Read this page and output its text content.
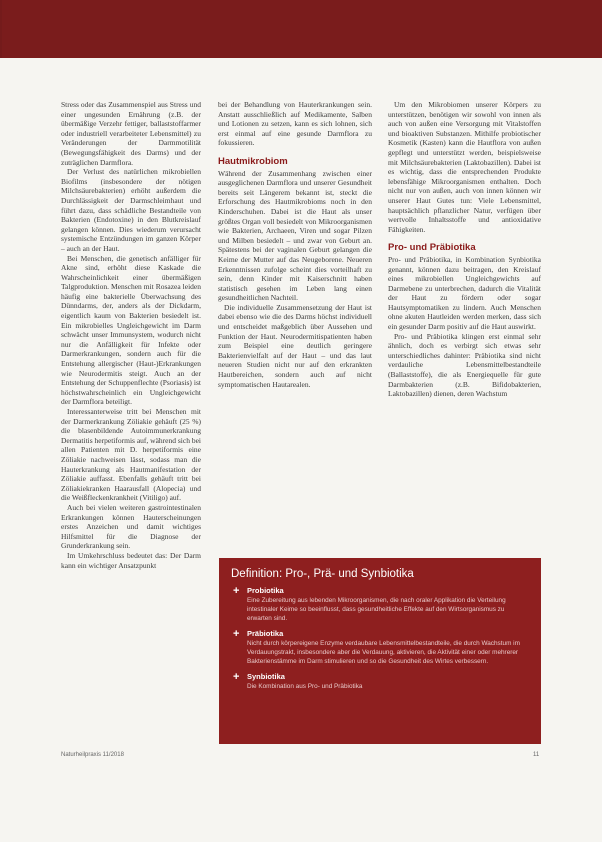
Stress oder das Zusammenspiel aus Stress und einer ungesunden Ernährung (z.B. der übermäßige Verzehr fettiger, ballaststoffarmer oder industriell verarbeiteter Lebensmittel) zu Veränderungen der Darmmotilität (Bewegungsfähigkeit des Darms) und der zuträglichen Darmflora.

Der Verlust des natürlichen mikrobiellen Biofilms (insbesondere der nötigen Milchsäurebakterien) erhöht außerdem die Durchlässigkeit der Darmschleimhaut und führt dazu, dass schädliche Bestandteile von Bakterien (Endotoxine) in den Blutkreislauf gelangen können. Dies wiederum verursacht systemische Entzündungen im ganzen Körper – auch an der Haut.

Bei Menschen, die genetisch anfälliger für Akne sind, erhöht diese Kaskade die Wahrscheinlichkeit einer übermäßigen Talgproduktion. Menschen mit Rosazea leiden häufig eine bakterielle Überwachsung des Dünndarms, der, anders als der Dickdarm, eigentlich kaum von Bakterien besiedelt ist. Ein mikrobielles Ungleichgewicht im Darm schwächt unser Immunsystem, wodurch nicht nur die Anfälligkeit für Infekte oder Darmerkrankungen, sondern auch für die Entstehung allergischer (Haut-)Erkrankungen wie Neurodermitis steigt. Auch an der Entstehung der Schuppenflechte (Psoriasis) ist höchstwahrscheinlich ein Ungleichgewicht der Darmflora beteiligt.

Interessanterweise tritt bei Menschen mit der Darmerkrankung Zöliakie gehäuft (25 %) die blasenbildende Autoimmunerkrankung Dermatitis herpetiformis auf, während sich bei allen Patienten mit D. herpetiformis eine Zöliakie nachweisen lässt, sodass man die Hauterkrankung als Hautmanifestation der Zöliakie auffasst. Ebenfalls gehäuft tritt bei Zöliakiekranken Haarausfall (Alopecia) und die Weißfleckenkrankheit (Vitiligo) auf.

Auch bei vielen weiteren gastrointestinalen Erkrankungen können Hauterscheinungen erstes Anzeichen und damit wichtiges Hilfsmittel für die Diagnose der Grunderkrankung sein.

Im Umkehrschluss bedeutet das: Der Darm kann ein wichtiger Ansatzpunkt

bei der Behandlung von Hauterkrankungen sein. Anstatt ausschließlich auf Medikamente, Salben und Lotionen zu setzen, kann es sich lohnen, sich erst einmal auf eine gesunde Darmflora zu fokussieren.

Hautmikrobiom

Während der Zusammenhang zwischen einer ausgeglichenen Darmflora und unserer Gesundheit bereits seit Längerem bekannt ist, steckt die Erforschung des Hautmikrobioms noch in den Kinderschuhen. Dabei ist die Haut als unser größtes Organ voll besiedelt von Mikroorganismen wie Bakterien, Archaeen, Viren und sogar Pilzen und Milben besiedelt – und zwar von Geburt an. Spätestens bei der vaginalen Geburt gelangen die Keime der Mutter auf das Neugeborene. Neueren Erkenntnissen zufolge scheint dies vorteilhaft zu sein, denn Kinder mit Kaiserschnitt haben statistisch gesehen im Leben lang einen gesundheitlichen Nachteil.

Die individuelle Zusammensetzung der Haut ist dabei ebenso wie die des Darms höchst individuell und entscheidet maßgeblich über Aussehen und Funktion der Haut. Neurodermitispatienten haben zum Beispiel eine deutlich geringere Bakterienvielfalt auf der Haut – und das laut neueren Studien nicht nur auf den erkrankten Hautbereichen, sondern auch auf nicht symptomatischen Hautarealen.

Um den Mikrobiomen unserer Körpers zu unterstützen, benötigen wir sowohl von innen als auch von außen eine Versorgung mit Vitalstoffen und bioaktiven Substanzen. Mithilfe probiotischer Kosmetik (Kasten) kann die Hautflora von außen gepflegt und unterstützt werden, beispielsweise mit Milchsäurebakterien (Laktobazillen). Dabei ist es wichtig, dass die entsprechenden Produkte lebensfähige Mikroorganismen enthalten. Doch nicht nur von außen, auch von innen können wir unserer Haut Gutes tun: Viele Lebensmittel, hauptsächlich pflanzlicher Natur, verfügen über wertvolle Inhaltsstoffe und antioxidative Fähigkeiten.

Pro- und Präbiotika

Pro- und Präbiotika, in Kombination Synbiotika genannt, können dazu beitragen, den Kreislauf eines mikrobiellen Ungleichgewichts auf Darmebene zu unterbrechen, dadurch die Vitalität der Haut zu fördern oder sogar Hautsymptomatiken zu lindern. Auch Menschen ohne akuten Hautleiden werden merken, dass sich ein gesunder Darm positiv auf die Haut auswirkt.

Pro- und Präbiotika klingen erst einmal sehr ähnlich, doch es verbirgt sich etwas sehr unterschiedliches dahinter: Präbiotika sind nicht verdauliche Lebensmittelbestandteile (Ballaststoffe), die als Energiequelle für gute Darmbakterien (z.B. Bifidobakterien, Laktobazillen) dienen, deren Wachstum

Definition: Pro-, Prä- und Synbiotika
+ Probiotika
Eine Zubereitung aus lebenden Mikroorganismen, die nach oraler Applikation die Verteilung intestinaler Keime so beeinflusst, dass gesundheitliche Effekte auf den Wirtsorganismus zu erwarten sind.
+ Präbiotika
Nicht durch körpereigene Enzyme verdaubare Lebensmittelbestandteile, die durch Wachstum im Verdauungstrakt, insbesondere aber die Verdauung, aktivieren, die Aktivität einer oder mehrerer Bakterienstämme im Darm stimulieren und so die Gesundheit des Wirtes verbessern.
+ Synbiotika
Die Kombination aus Pro- und Präbiotika
Naturheilpraxis 11/2018	11
